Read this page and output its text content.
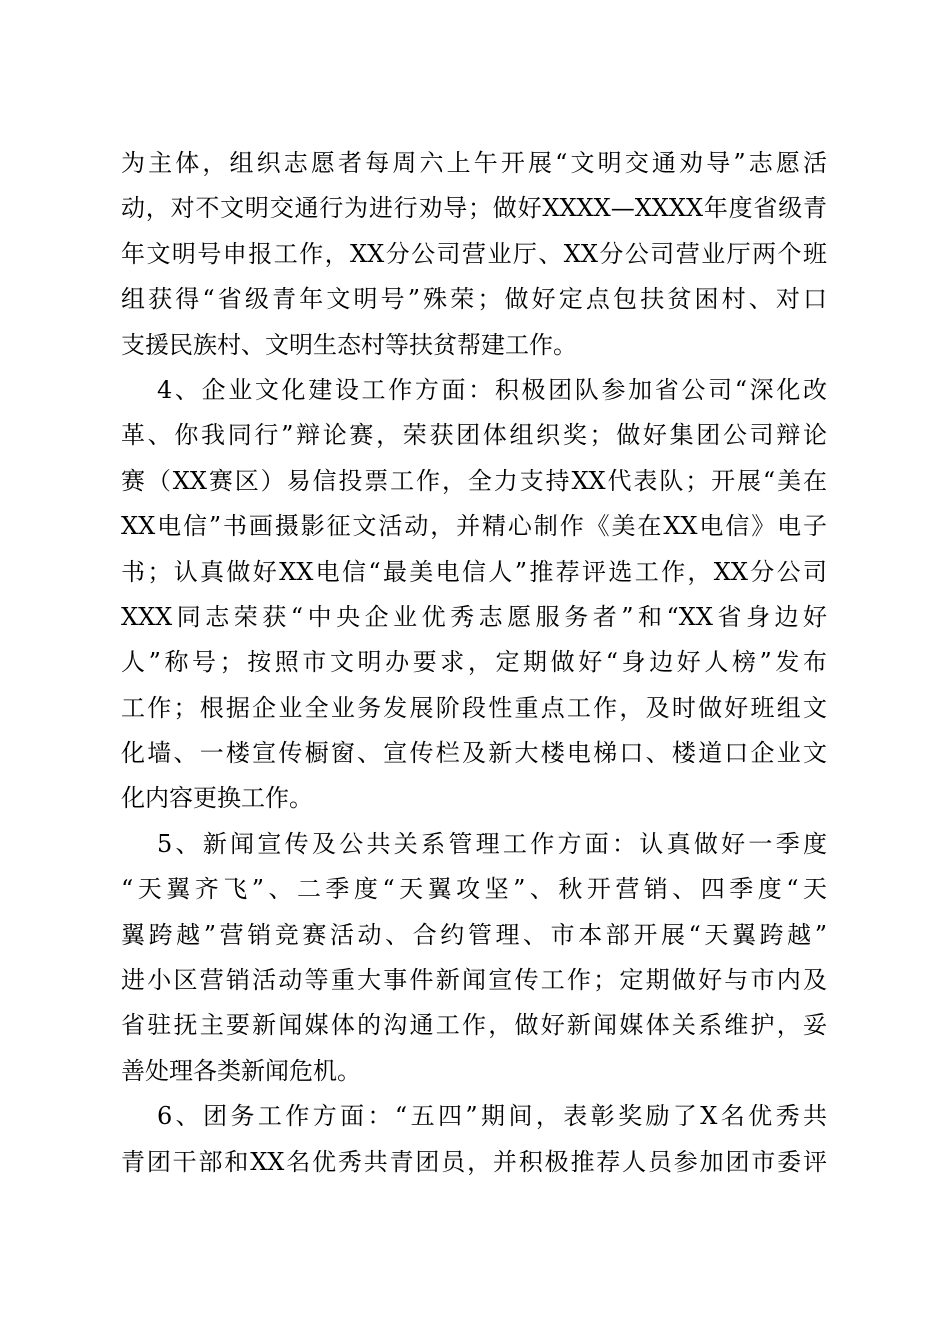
为主体，组织志愿者每周六上午开展“文明交通劝导”志愿活
动，对不文明交通行为进行劝导；做好XXXX—XXXX年度省级青
年文明号申报工作，XX分公司营业厅、XX分公司营业厅两个班
组获得“省级青年文明号”殊荣；做好定点包扶贫困村、对口
支援民族村、文明生态村等扶贫帮建工作。
4、企业文化建设工作方面：积极团队参加省公司“深化改
革、你我同行”辩论赛，荣获团体组织奖；做好集团公司辩论
赛（XX赛区）易信投票工作，全力支持XX代表队；开展“美在
XX电信”书画摄影征文活动，并精心制作《美在XX电信》电子
书；认真做好XX电信“最美电信人”推荐评选工作，XX分公司
XXX同志荣获“中央企业优秀志愿服务者”和“XX省身边好
人”称号；按照市文明办要求，定期做好“身边好人榜”发布
工作；根据企业全业务发展阶段性重点工作，及时做好班组文
化墙、一楼宣传橱窗、宣传栏及新大楼电梯口、楼道口企业文
化内容更换工作。
5、新闻宣传及公共关系管理工作方面：认真做好一季度
“天翼齐飞”、二季度“天翼攻坚”、秋开营销、四季度“天
翼跨越”营销竞赛活动、合约管理、市本部开展“天翼跨越”
进小区营销活动等重大事件新闻宣传工作；定期做好与市内及
省驻抚主要新闻媒体的沟通工作，做好新闻媒体关系维护，妥
善处理各类新闻危机。
6、团务工作方面：“五四”期间，表彰奖励了X名优秀共
青团干部和XX名优秀共青团员，并积极推荐人员参加团市委评
